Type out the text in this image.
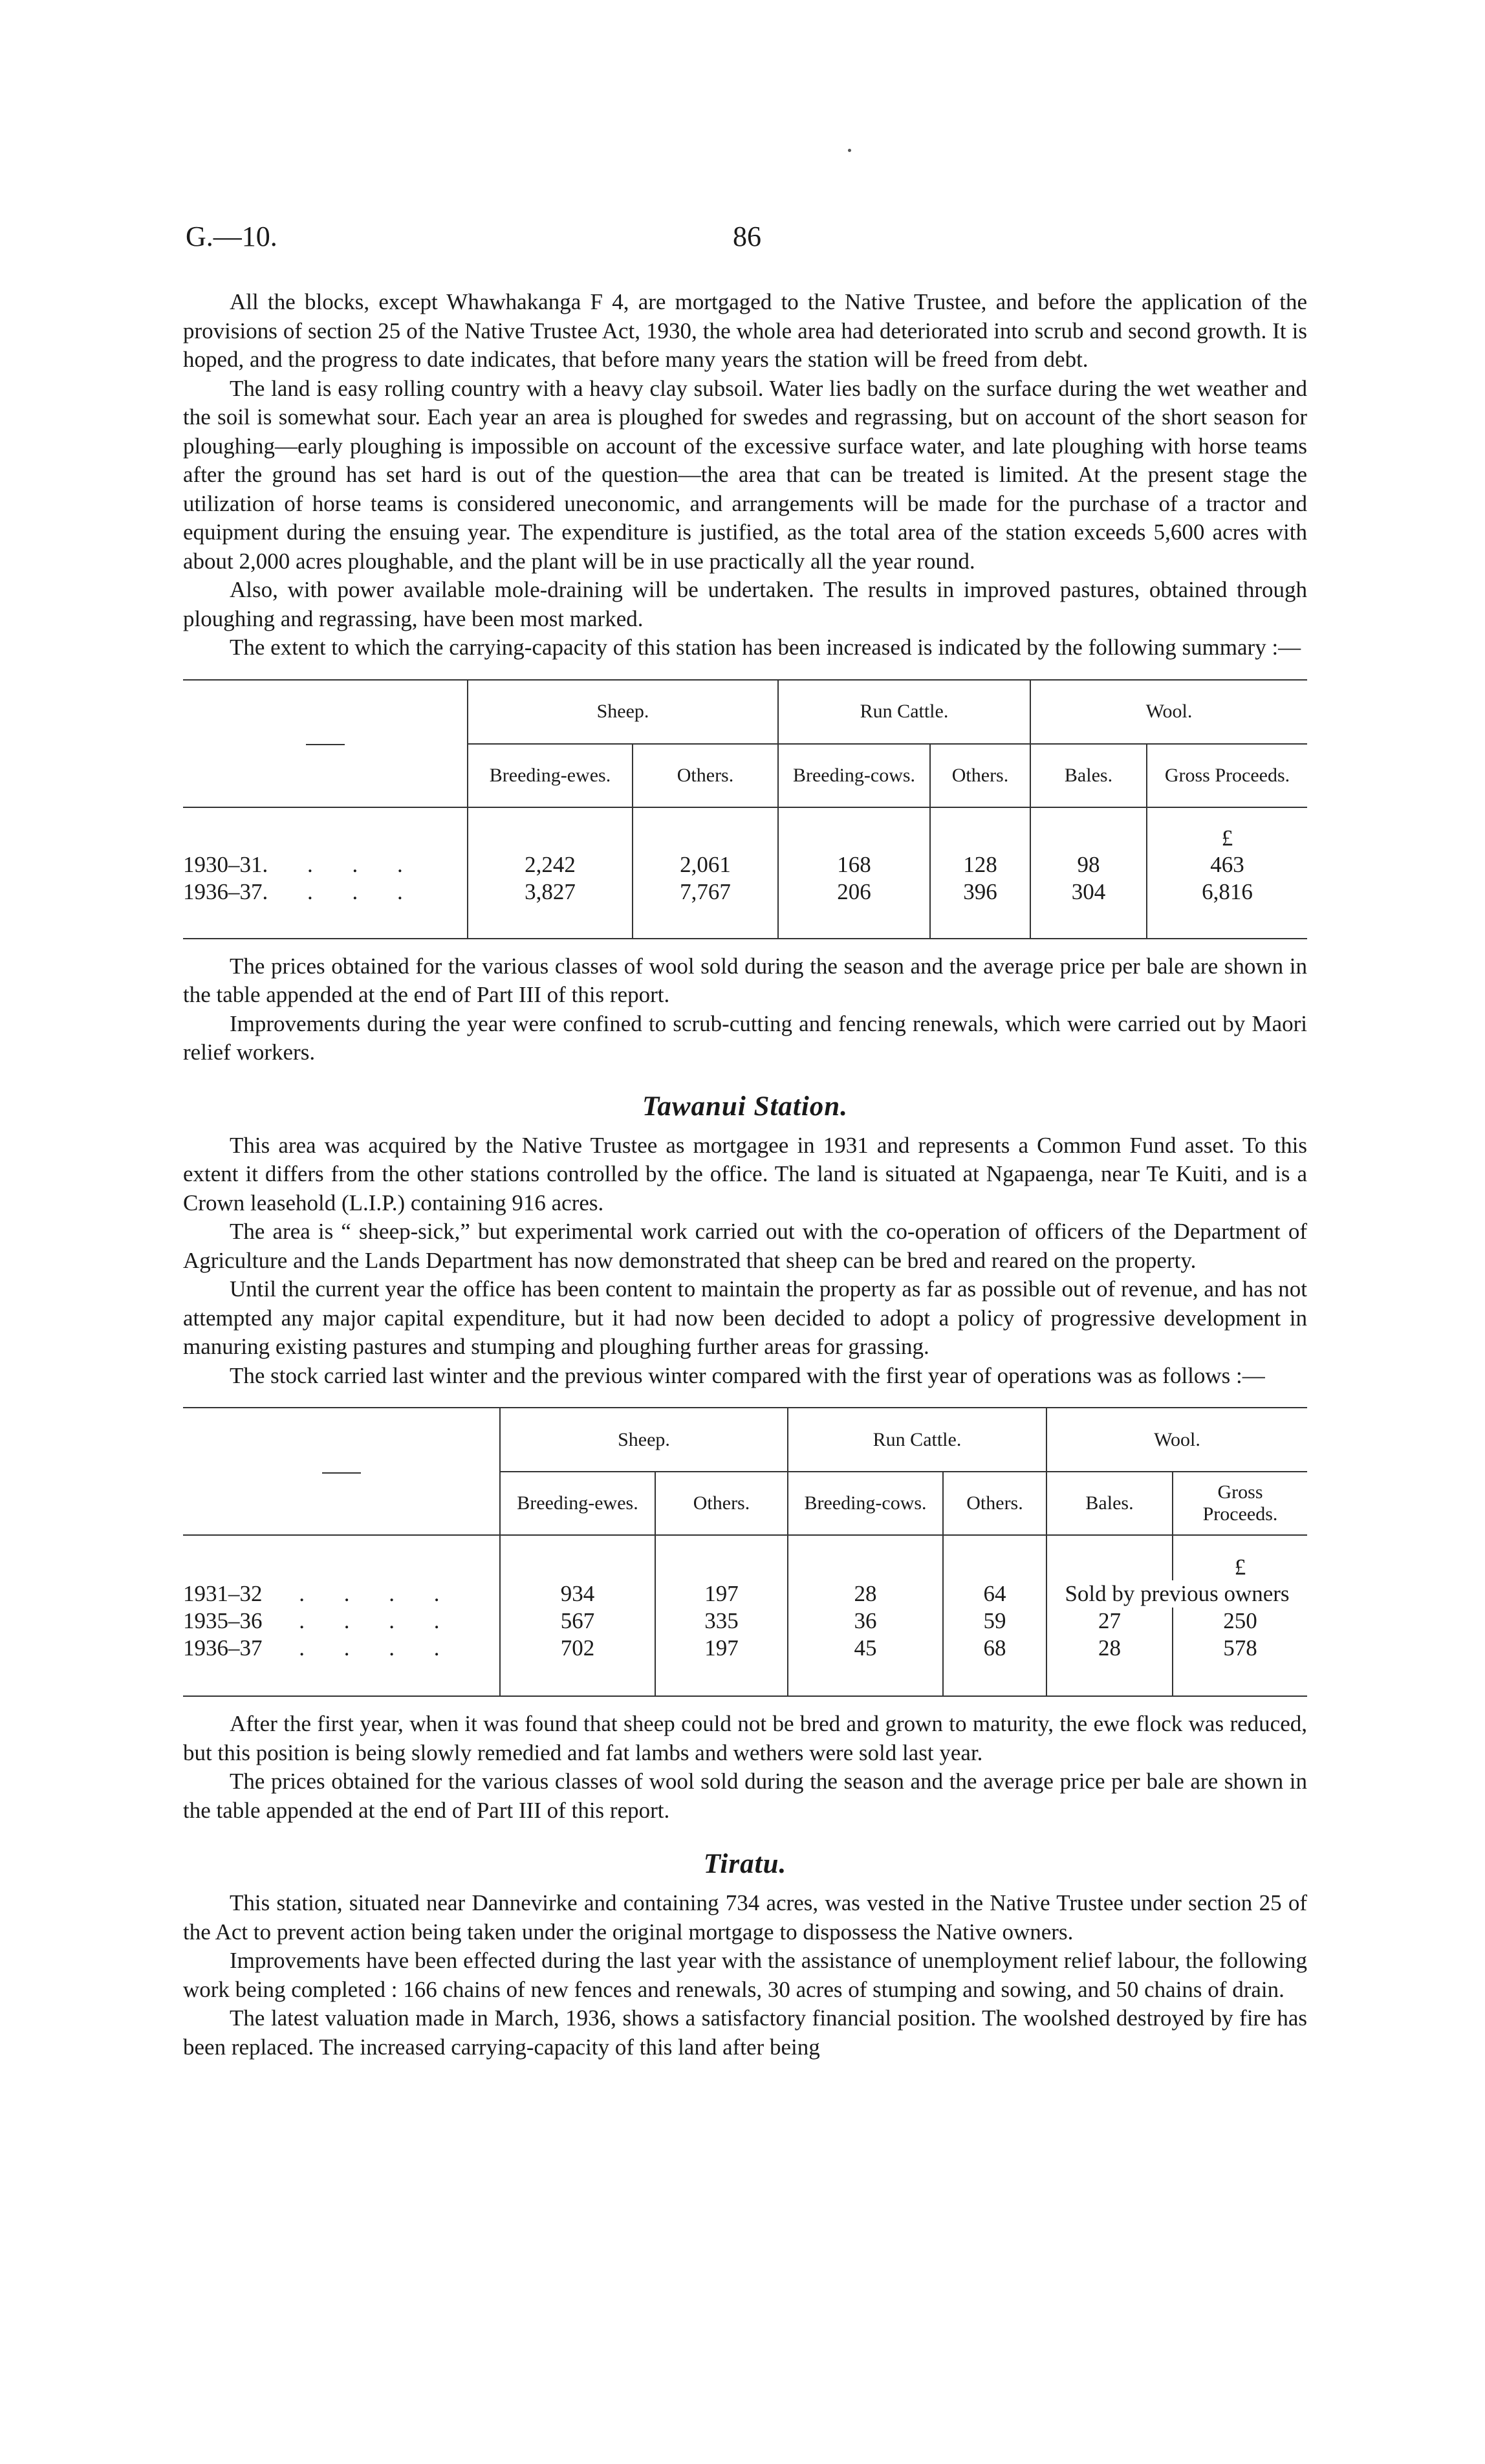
G.—10.	86

All the blocks, except Whawhakanga F 4, are mortgaged to the Native Trustee, and before the application of the provisions of section 25 of the Native Trustee Act, 1930, the whole area had deteriorated into scrub and second growth. It is hoped, and the progress to date indicates, that before many years the station will be freed from debt.

The land is easy rolling country with a heavy clay subsoil. Water lies badly on the surface during the wet weather and the soil is somewhat sour. Each year an area is ploughed for swedes and regrassing, but on account of the short season for ploughing—early ploughing is impossible on account of the excessive surface water, and late ploughing with horse teams after the ground has set hard is out of the question—the area that can be treated is limited. At the present stage the utilization of horse teams is considered uneconomic, and arrangements will be made for the purchase of a tractor and equipment during the ensuing year. The expenditure is justified, as the total area of the station exceeds 5,600 acres with about 2,000 acres ploughable, and the plant will be in use practically all the year round.

Also, with power available mole-draining will be undertaken. The results in improved pastures, obtained through ploughing and regrassing, have been most marked.

The extent to which the carrying-capacity of this station has been increased is indicated by the following summary :—

	Sheep.		Run Cattle.		Wool.	
	Breeding-ewes.	Others.	Breeding-cows.	Others.	Bales.	Gross Proceeds.
						£
1930–31. . . .	2,242	2,061	168	128	98	463
1936–37. . . .	3,827	7,767	206	396	304	6,816

The prices obtained for the various classes of wool sold during the season and the average price per bale are shown in the table appended at the end of Part III of this report.

Improvements during the year were confined to scrub-cutting and fencing renewals, which were carried out by Maori relief workers.

Tawanui Station.

This area was acquired by the Native Trustee as mortgagee in 1931 and represents a Common Fund asset. To this extent it differs from the other stations controlled by the office. The land is situated at Ngapaenga, near Te Kuiti, and is a Crown leasehold (L.I.P.) containing 916 acres.

The area is “ sheep-sick,” but experimental work carried out with the co-operation of officers of the Department of Agriculture and the Lands Department has now demonstrated that sheep can be bred and reared on the property.

Until the current year the office has been content to maintain the property as far as possible out of revenue, and has not attempted any major capital expenditure, but it had now been decided to adopt a policy of progressive development in manuring existing pastures and stumping and ploughing further areas for grassing.

The stock carried last winter and the previous winter compared with the first year of operations was as follows :—

	Sheep.		Run Cattle.		Wool.	
	Breeding-ewes.	Others.	Breeding-cows.	Others.	Bales.	Gross Proceeds.
						£
1931–32 . . . .	934	197	28	64	Sold by previous owners	
1935–36 . . . .	567	335	36	59	27	250
1936–37 . . . .	702	197	45	68	28	578

After the first year, when it was found that sheep could not be bred and grown to maturity, the ewe flock was reduced, but this position is being slowly remedied and fat lambs and wethers were sold last year.

The prices obtained for the various classes of wool sold during the season and the average price per bale are shown in the table appended at the end of Part III of this report.

Tiratu.

This station, situated near Dannevirke and containing 734 acres, was vested in the Native Trustee under section 25 of the Act to prevent action being taken under the original mortgage to dispossess the Native owners.

Improvements have been effected during the last year with the assistance of unemployment relief labour, the following work being completed : 166 chains of new fences and renewals, 30 acres of stumping and sowing, and 50 chains of drain.

The latest valuation made in March, 1936, shows a satisfactory financial position. The woolshed destroyed by fire has been replaced. The increased carrying-capacity of this land after being
